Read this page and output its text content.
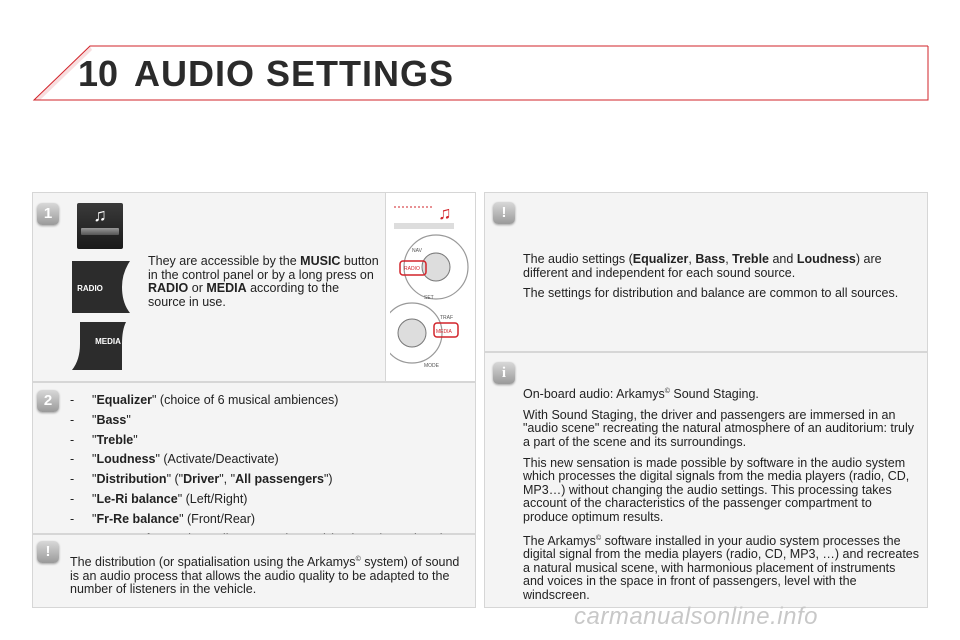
10 AUDIO SETTINGS
1	♫
RADIO
MEDIA
They are accessible by the MUSIC button in the control panel or by a long press on RADIO or MEDIA according to the source in use.
♫
NAV
RADIO
SET
TRAF
MEDIA
MODE
2	-	"Equalizer" (choice of 6 musical ambiences)
-	"Bass"
-	"Treble"
-	"Loudness" (Activate/Deactivate)
-	"Distribution" ("Driver", "All passengers")
-	"Le-Ri balance" (Left/Right)
-	"Fr-Re balance" (Front/Rear)
!
The distribution (or spatialisation using the Arkamys© system) of sound is an audio process that allows the audio quality to be adapted to the number of listeners in the vehicle.
!

The audio settings (Equalizer, Bass, Treble and Loudness) are different and independent for each sound source.

The settings for distribution and balance are common to all sources.

i

On-board audio: Arkamys© Sound Staging.

With Sound Staging, the driver and passengers are immersed in an "audio scene" recreating the natural atmosphere of an auditorium: truly a part of the scene and its surroundings.

This new sensation is made possible by software in the audio system which processes the digital signals from the media players (radio, CD, MP3…) without changing the audio settings. This processing takes account of the characteristics of the passenger compartment to produce optimum results.

The Arkamys© software installed in your audio system processes the digital signal from the media players (radio, CD, MP3, …) and recreates a natural musical scene, with harmonious placement of instruments and voices in the space in front of passengers, level with the windscreen.

carmanualsonline.info
